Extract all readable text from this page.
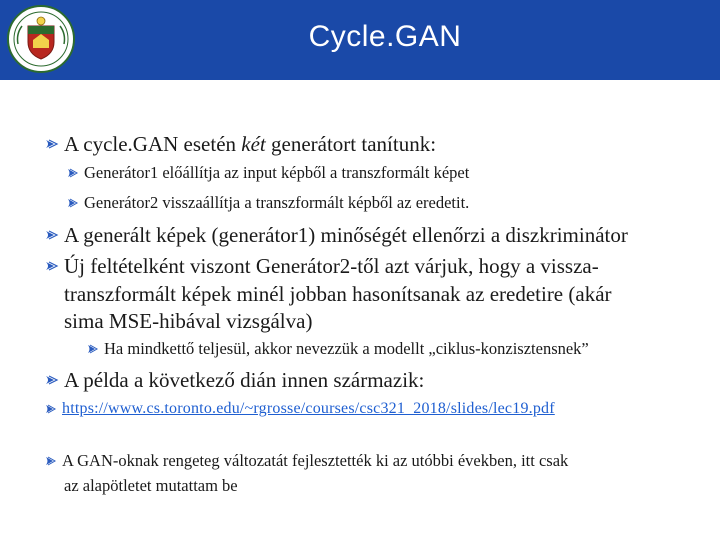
Cycle.GAN
A cycle.GAN esetén két generátort tanítunk:
Generátor1 előállítja az input képből a transzformált képet
Generátor2 visszaállítja a transzformált képből az eredetit.
A generált képek (generátor1) minőségét ellenőrzi a diszkriminátor
Új feltételként viszont Generátor2-től azt várjuk, hogy a vissza-
transzformált képek minél jobban hasonítsanak az eredetire (akár
sima MSE-hibával vizsgálva)
Ha mindkettő teljesül, akkor nevezzük a modellt „ciklus-konzisztensnek”
A példa a következő dián innen származik:
https://www.cs.toronto.edu/~rgrosse/courses/csc321_2018/slides/lec19.pdf
A GAN-oknak rengeteg változatát fejlesztették ki az utóbbi években, itt csak
az alapötletet mutattam be
